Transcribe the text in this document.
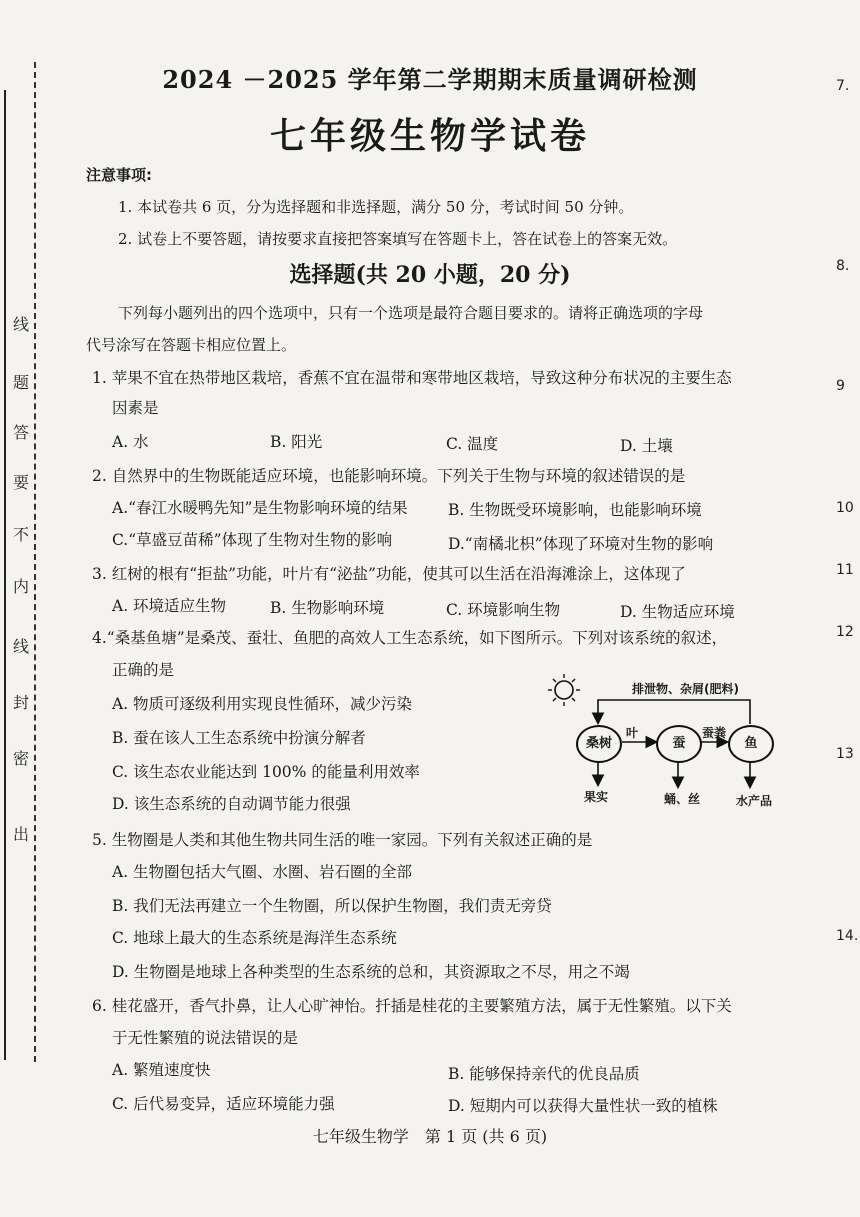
线
题
答
要
不
内
线
封
密
出
7.
8.
9
10
11
12
13
14.
2024 －2025 学年第二学期期末质量调研检测
七年级生物学试卷
注意事项:
1. 本试卷共 6 页，分为选择题和非选择题，满分 50 分，考试时间 50 分钟。
2. 试卷上不要答题，请按要求直接把答案填写在答题卡上，答在试卷上的答案无效。
选择题(共 20 小题，20 分)
下列每小题列出的四个选项中，只有一个选项是最符合题目要求的。请将正确选项的字母
代号涂写在答题卡相应位置上。
1. 苹果不宜在热带地区栽培，香蕉不宜在温带和寒带地区栽培，导致这种分布状况的主要生态
因素是
A. 水	B. 阳光	C. 温度	D. 土壤
2. 自然界中的生物既能适应环境，也能影响环境。下列关于生物与环境的叙述错误的是
A.“春江水暖鸭先知”是生物影响环境的结果	B. 生物既受环境影响，也能影响环境
C.“草盛豆苗稀”体现了生物对生物的影响	D.“南橘北枳”体现了环境对生物的影响
3. 红树的根有“拒盐”功能，叶片有“泌盐”功能，使其可以生活在沿海滩涂上，这体现了
A. 环境适应生物	B. 生物影响环境	C. 环境影响生物	D. 生物适应环境
4.“桑基鱼塘”是桑茂、蚕壮、鱼肥的高效人工生态系统，如下图所示。下列对该系统的叙述，
正确的是
A. 物质可逐级利用实现良性循环，减少污染
B. 蚕在该人工生态系统中扮演分解者
C. 该生态农业能达到 100% 的能量利用效率
D. 该生态系统的自动调节能力很强
排泄物、杂屑(肥料)
桑树	蚕	鱼
叶	蚕粪
果实	蛹、丝	水产品
5. 生物圈是人类和其他生物共同生活的唯一家园。下列有关叙述正确的是
A. 生物圈包括大气圈、水圈、岩石圈的全部
B. 我们无法再建立一个生物圈，所以保护生物圈，我们责无旁贷
C. 地球上最大的生态系统是海洋生态系统
D. 生物圈是地球上各种类型的生态系统的总和，其资源取之不尽，用之不竭
6. 桂花盛开，香气扑鼻，让人心旷神怡。扦插是桂花的主要繁殖方法，属于无性繁殖。以下关
于无性繁殖的说法错误的是
A. 繁殖速度快	B. 能够保持亲代的优良品质
C. 后代易变异，适应环境能力强	D. 短期内可以获得大量性状一致的植株
七年级生物学　第 1 页 (共 6 页)
